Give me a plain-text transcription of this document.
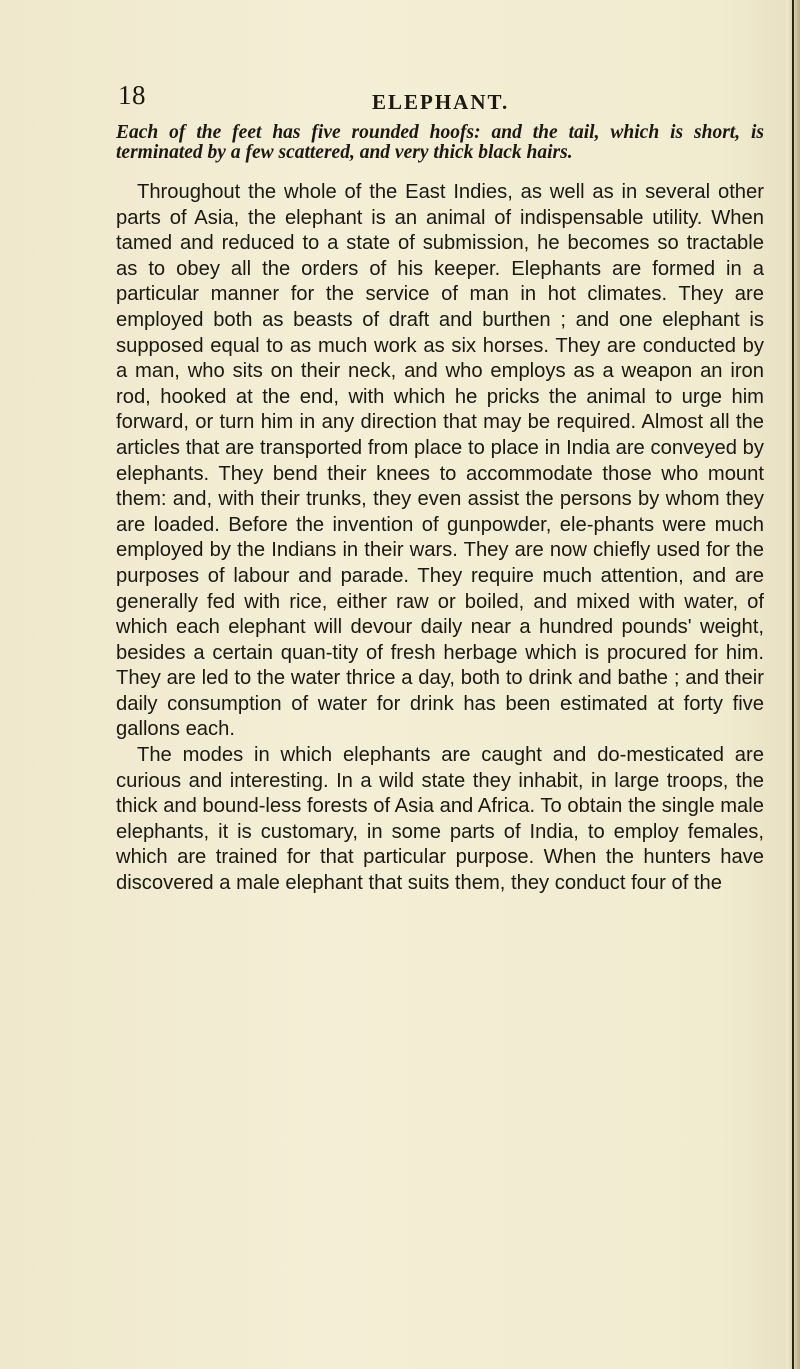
18	ELEPHANT.

Each of the feet has five rounded hoofs: and the tail, which is short, is terminated by a few scattered, and very thick black hairs.

Throughout the whole of the East Indies, as well as in several other parts of Asia, the elephant is an animal of indispensable utility. When tamed and reduced to a state of submission, he becomes so tractable as to obey all the orders of his keeper. Elephants are formed in a particular manner for the service of man in hot climates. They are employed both as beasts of draft and burthen ; and one elephant is supposed equal to as much work as six horses. They are conducted by a man, who sits on their neck, and who employs as a weapon an iron rod, hooked at the end, with which he pricks the animal to urge him forward, or turn him in any direction that may be required. Almost all the articles that are transported from place to place in India are conveyed by elephants. They bend their knees to accommodate those who mount them: and, with their trunks, they even assist the persons by whom they are loaded. Before the invention of gunpowder, ele-phants were much employed by the Indians in their wars. They are now chiefly used for the purposes of labour and parade. They require much attention, and are generally fed with rice, either raw or boiled, and mixed with water, of which each elephant will devour daily near a hundred pounds' weight, besides a certain quan-tity of fresh herbage which is procured for him. They are led to the water thrice a day, both to drink and bathe ; and their daily consumption of water for drink has been estimated at forty five gallons each.

The modes in which elephants are caught and do-mesticated are curious and interesting. In a wild state they inhabit, in large troops, the thick and bound-less forests of Asia and Africa. To obtain the single male elephants, it is customary, in some parts of India, to employ females, which are trained for that particular purpose. When the hunters have discovered a male elephant that suits them, they conduct four of the
